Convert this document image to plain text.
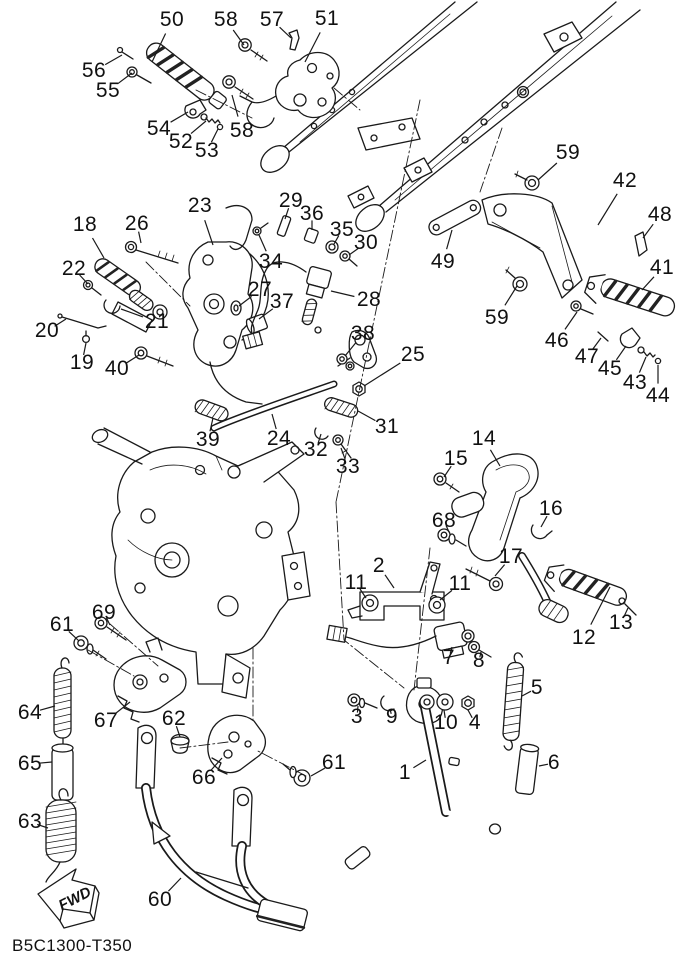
FWD
50 58 57 51
56
55
54
52 53
58
59
42
48
49	41
59
46
47
45
43
44
18 26
23	29
36
35
34
30
22
27
37	28
21
20
19 40
38
25
31
39 24 32
33
14
15
68
16
17
2
11	11
13
12
7 8
69
61
64 67 62
65
66
63
60
61
3 9 10 4
5
6
1
B5C1300-T350
